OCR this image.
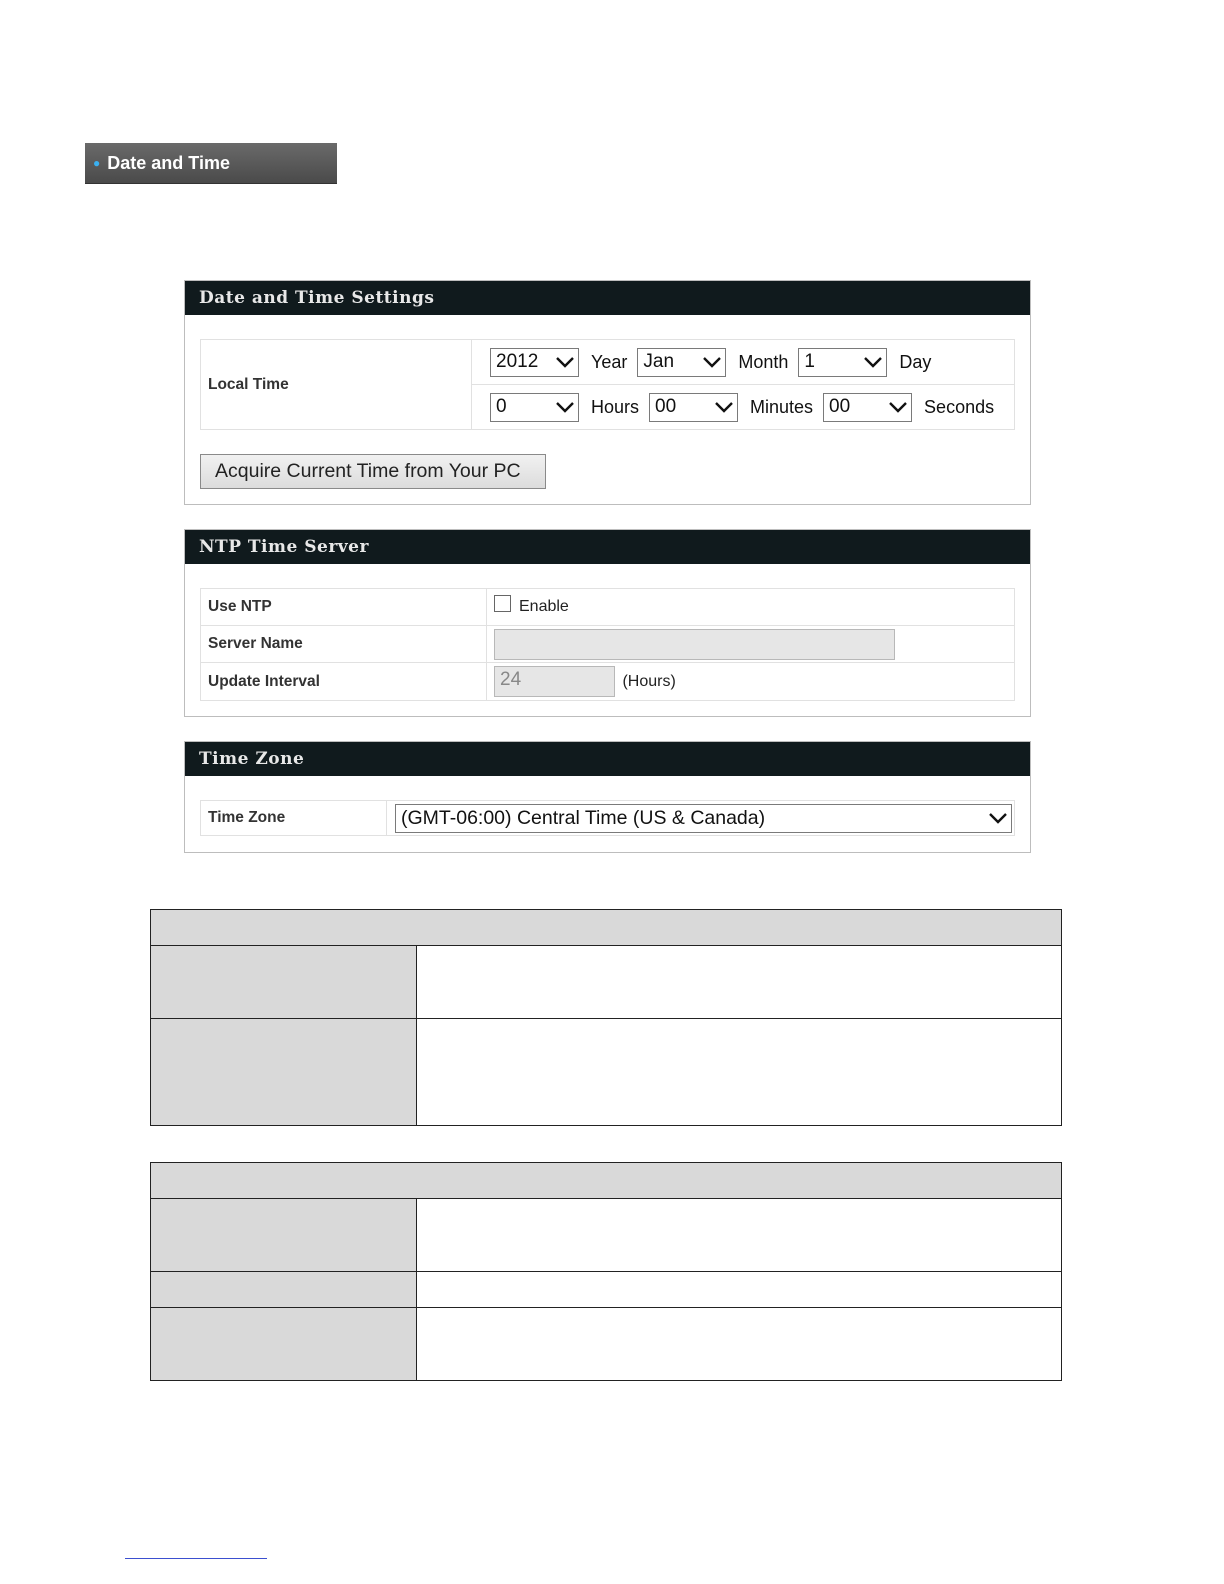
● Date and Time
Date and Time Settings
Local Time	
2012	Year Jan	Month 1	Day

0	Hours 00	Minutes 00	Seconds
Acquire Current Time from Your PC
NTP Time Server
Use NTP	Enable
Server Name	
Update Interval	24 (Hours)
Time Zone
Time Zone	(GMT-06:00) Central Time (US & Canada)
